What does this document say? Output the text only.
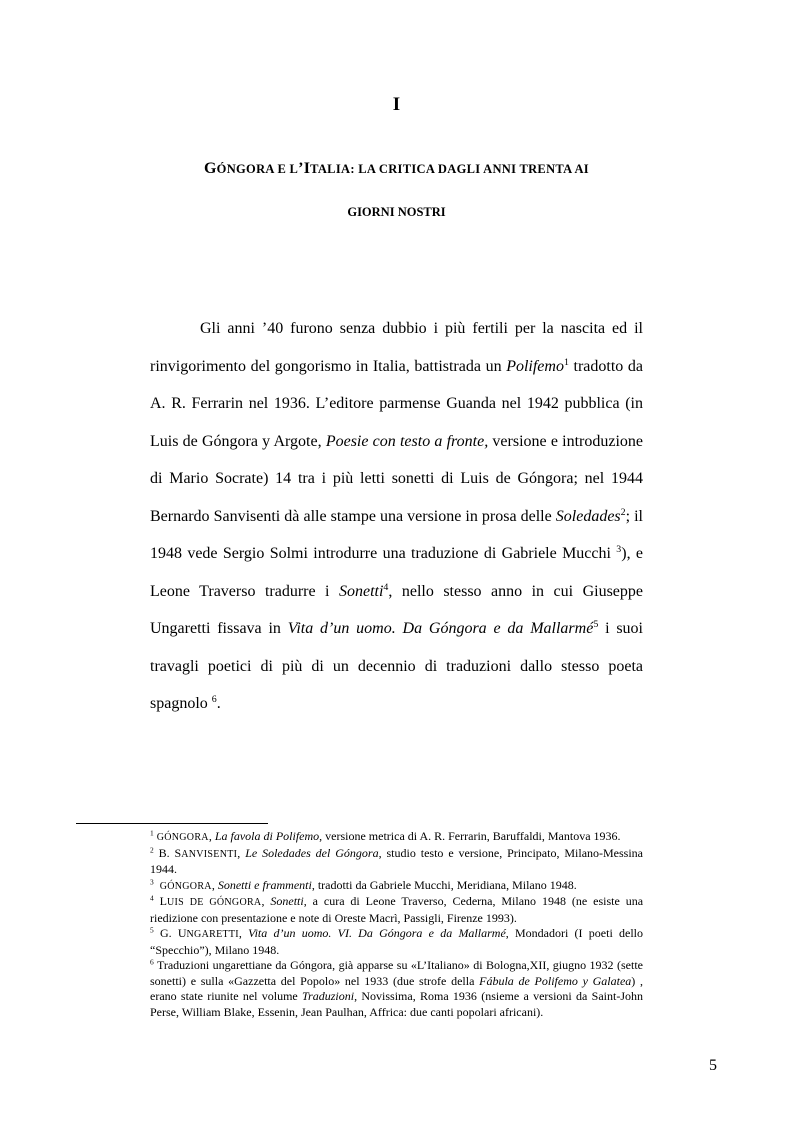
I
GÓNGORA E L’ITALIA: LA CRITICA DAGLI ANNI TRENTA AI
GIORNI NOSTRI

Gli anni ’40 furono senza dubbio i più fertili per la nascita ed il rinvigorimento del gongorismo in Italia, battistrada un Polifemo$^1$ tradotto da A. R. Ferrarin nel 1936. L’editore parmense Guanda nel 1942 pubblica (in Luis de Góngora y Argote, Poesie con testo a fronte, versione e introduzione di Mario Socrate) 14 tra i più letti sonetti di Luis de Góngora; nel 1944 Bernardo Sanvisenti dà alle stampe una versione in prosa delle Soledades$^2$; il 1948 vede Sergio Solmi introdurre una traduzione di Gabriele Mucchi $^3$), e Leone Traverso tradurre i Sonetti$^4$, nello stesso anno in cui Giuseppe Ungaretti fissava in Vita d’un uomo. Da Góngora e da Mallarmé$^5$ i suoi travagli poetici di più di un decennio di traduzioni dallo stesso poeta spagnolo $^6$.

$^1$ GÓNGORA, La favola di Polifemo, versione metrica di A. R. Ferrarin, Baruffaldi, Mantova 1936.

$^2$ B. SANVISENTI, Le Soledades del Góngora, studio testo e versione, Principato, Milano-Messina 1944.

$^3$ GÓNGORA, Sonetti e frammenti, tradotti da Gabriele Mucchi, Meridiana, Milano 1948.

$^4$ LUIS DE GÓNGORA, Sonetti, a cura di Leone Traverso, Cederna, Milano 1948 (ne esiste una riedizione con presentazione e note di Oreste Macrì, Passigli, Firenze 1993).

$^5$ G. UNGARETTI, Vita d’un uomo. VI. Da Góngora e da Mallarmé, Mondadori (I poeti dello “Specchio”), Milano 1948.

$^6$ Traduzioni ungarettiane da Góngora, già apparse su «L’Italiano» di Bologna,XII, giugno 1932 (sette sonetti) e sulla «Gazzetta del Popolo» nel 1933 (due strofe della Fábula de Polifemo y Galatea) , erano state riunite nel volume Traduzioni, Novissima, Roma 1936 (nsieme a versioni da Saint-John Perse, William Blake, Essenin, Jean Paulhan, Affrica: due canti popolari africani).

5
